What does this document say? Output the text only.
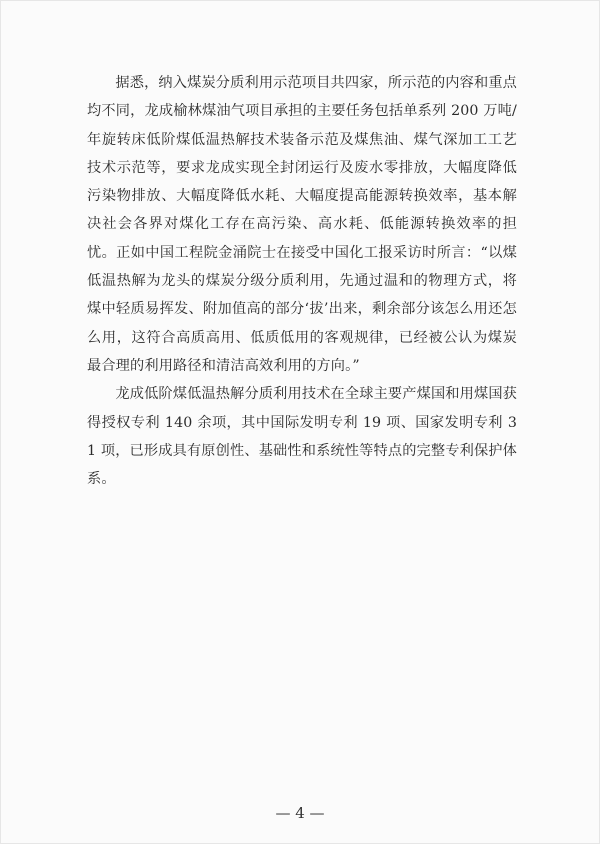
据悉，纳入煤炭分质利用示范项目共四家，所示范的内容和重点均不同，龙成榆林煤油气项目承担的主要任务包括单系列 200 万吨/年旋转床低阶煤低温热解技术装备示范及煤焦油、煤气深加工工艺技术示范等，要求龙成实现全封闭运行及废水零排放，大幅度降低污染物排放、大幅度降低水耗、大幅度提高能源转换效率，基本解决社会各界对煤化工存在高污染、高水耗、低能源转换效率的担忧。正如中国工程院金涌院士在接受中国化工报采访时所言：“以煤低温热解为龙头的煤炭分级分质利用，先通过温和的物理方式，将煤中轻质易挥发、附加值高的部分‘拔’出来，剩余部分该怎么用还怎么用，这符合高质高用、低质低用的客观规律，已经被公认为煤炭最合理的利用路径和清洁高效利用的方向。”

龙成低阶煤低温热解分质利用技术在全球主要产煤国和用煤国获得授权专利 140 余项，其中国际发明专利 19 项、国家发明专利 31 项，已形成具有原创性、基础性和系统性等特点的完整专利保护体系。

— 4 —
